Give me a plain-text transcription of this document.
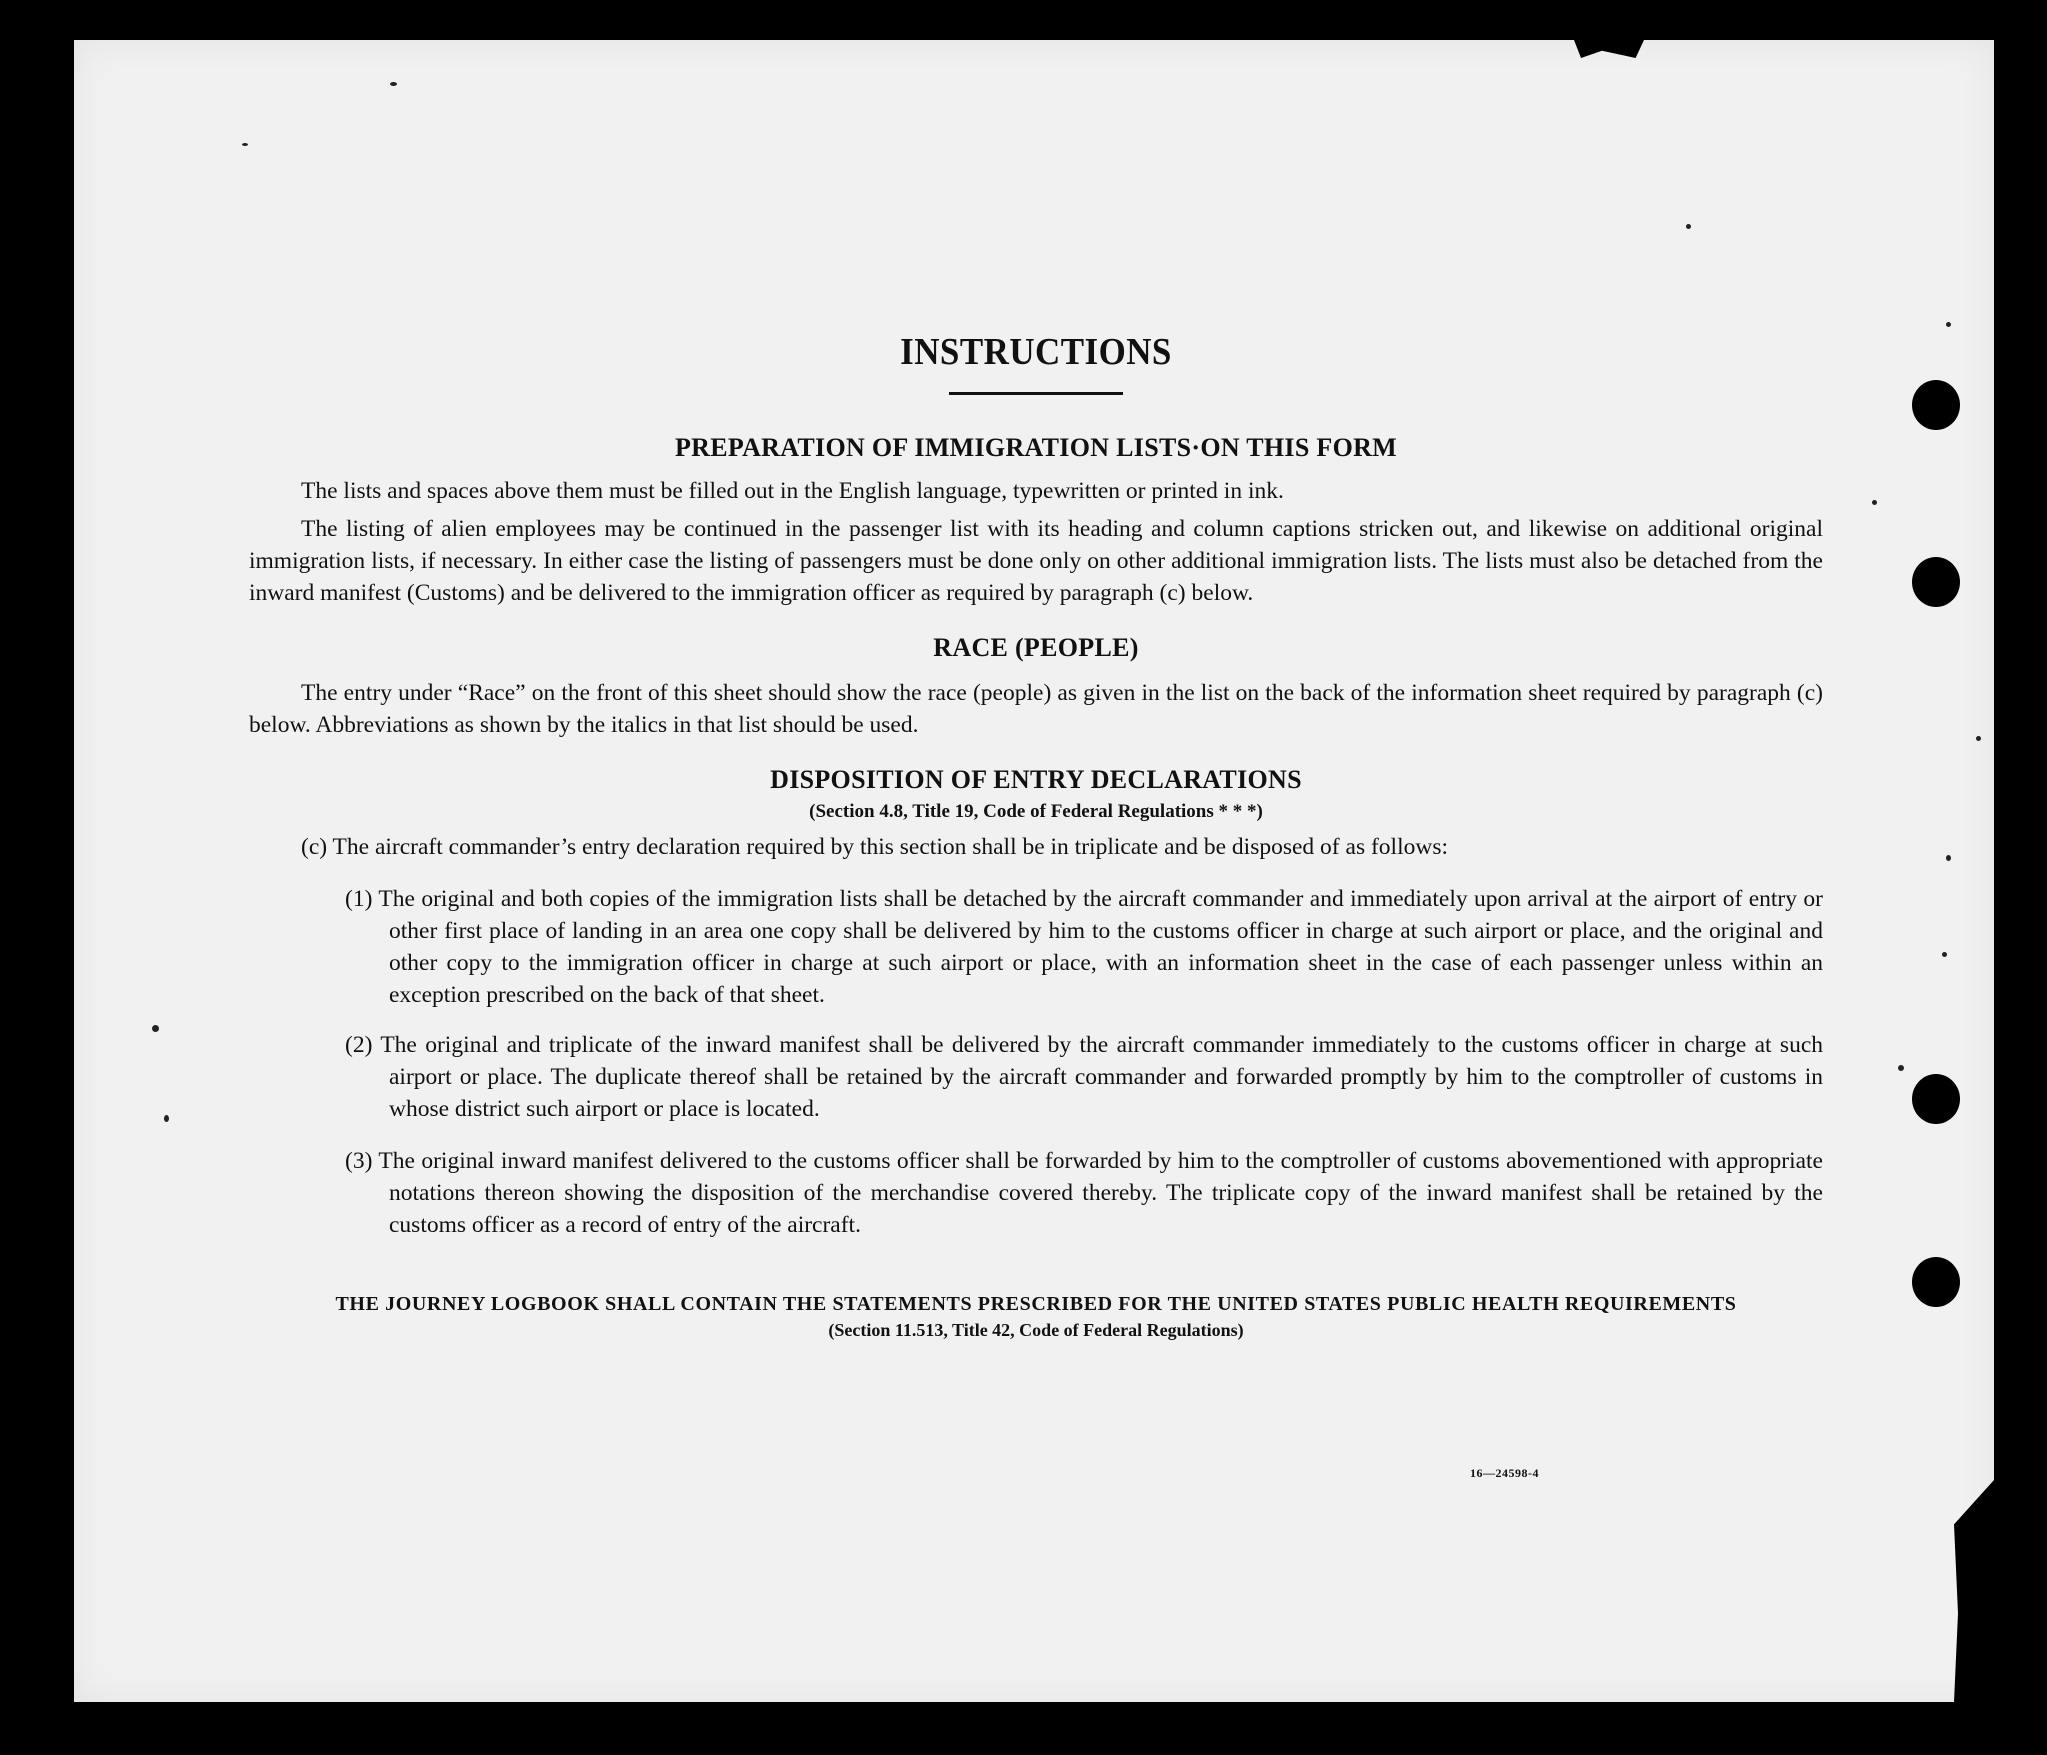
INSTRUCTIONS
PREPARATION OF IMMIGRATION LISTS·ON THIS FORM

The lists and spaces above them must be filled out in the English language, typewritten or printed in ink.

The listing of alien employees may be continued in the passenger list with its heading and column captions stricken out, and likewise on additional original immigration lists, if necessary. In either case the listing of passengers must be done only on other additional immigration lists. The lists must also be detached from the inward manifest (Customs) and be delivered to the immigration officer as required by paragraph (c) below.

RACE (PEOPLE)

The entry under “Race” on the front of this sheet should show the race (people) as given in the list on the back of the information sheet required by paragraph (c) below. Abbreviations as shown by the italics in that list should be used.

DISPOSITION OF ENTRY DECLARATIONS
(Section 4.8, Title 19, Code of Federal Regulations * * *)

(c) The aircraft commander’s entry declaration required by this section shall be in triplicate and be disposed of as follows:

(1) The original and both copies of the immigration lists shall be detached by the aircraft commander and immediately upon arrival at the airport of entry or other first place of landing in an area one copy shall be delivered by him to the customs officer in charge at such airport or place, and the original and other copy to the immigration officer in charge at such airport or place, with an information sheet in the case of each passenger unless within an exception prescribed on the back of that sheet.
(2) The original and triplicate of the inward manifest shall be delivered by the aircraft commander immediately to the customs officer in charge at such airport or place. The duplicate thereof shall be retained by the aircraft commander and forwarded promptly by him to the comptroller of customs in whose district such airport or place is located.
(3) The original inward manifest delivered to the customs officer shall be forwarded by him to the comptroller of customs abovementioned with appropriate notations thereon showing the disposition of the merchandise covered thereby. The triplicate copy of the inward manifest shall be retained by the customs officer as a record of entry of the aircraft.
THE JOURNEY LOGBOOK SHALL CONTAIN THE STATEMENTS PRESCRIBED FOR THE UNITED STATES PUBLIC HEALTH REQUIREMENTS
(Section 11.513, Title 42, Code of Federal Regulations)
16—24598-4
